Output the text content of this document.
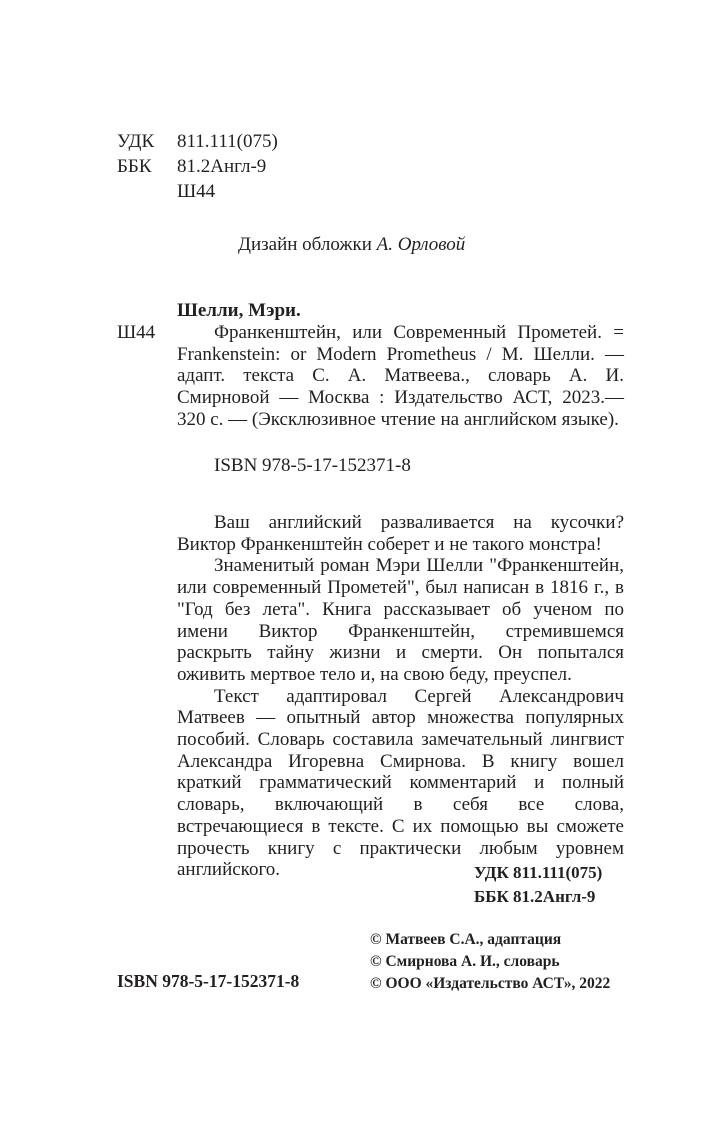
УДК 811.111(075)
ББК 81.2Англ-9
Ш44
Дизайн обложки А. Орловой
Шелли, Мэри.
Ш44	Франкенштейн, или Современный Прометей. = Frankenstein: or Modern Prometheus / М. Шелли. — адапт. текста С. А. Матвеева., словарь А. И. Смирновой — Москва : Издательство АСТ, 2023.— 320 с. — (Эксклюзивное чтение на английском языке).
ISBN 978-5-17-152371-8

Ваш английский разваливается на кусочки? Виктор Франкенштейн соберет и не такого монстра!

Знаменитый роман Мэри Шелли "Франкенштейн, или современный Прометей", был написан в 1816 г., в "Год без лета". Книга рассказывает об ученом по имени Виктор Франкенштейн, стремившемся раскрыть тайну жизни и смерти. Он попытался оживить мертвое тело и, на свою беду, преуспел.

Текст адаптировал Сергей Александрович Матвеев — опытный автор множества популярных пособий. Словарь составила замечательный лингвист Александра Игоревна Смирнова. В книгу вошел краткий грамматический комментарий и полный словарь, включающий в себя все слова, встречающиеся в тексте. С их помощью вы сможете прочесть книгу с практически любым уровнем английского.	УДК 811.111(075)
ББК 81.2Англ-9
© Матвеев С.А., адаптация
© Смирнова А. И., словарь
© ООО «Издательство АСТ», 2022
ISBN 978-5-17-152371-8
